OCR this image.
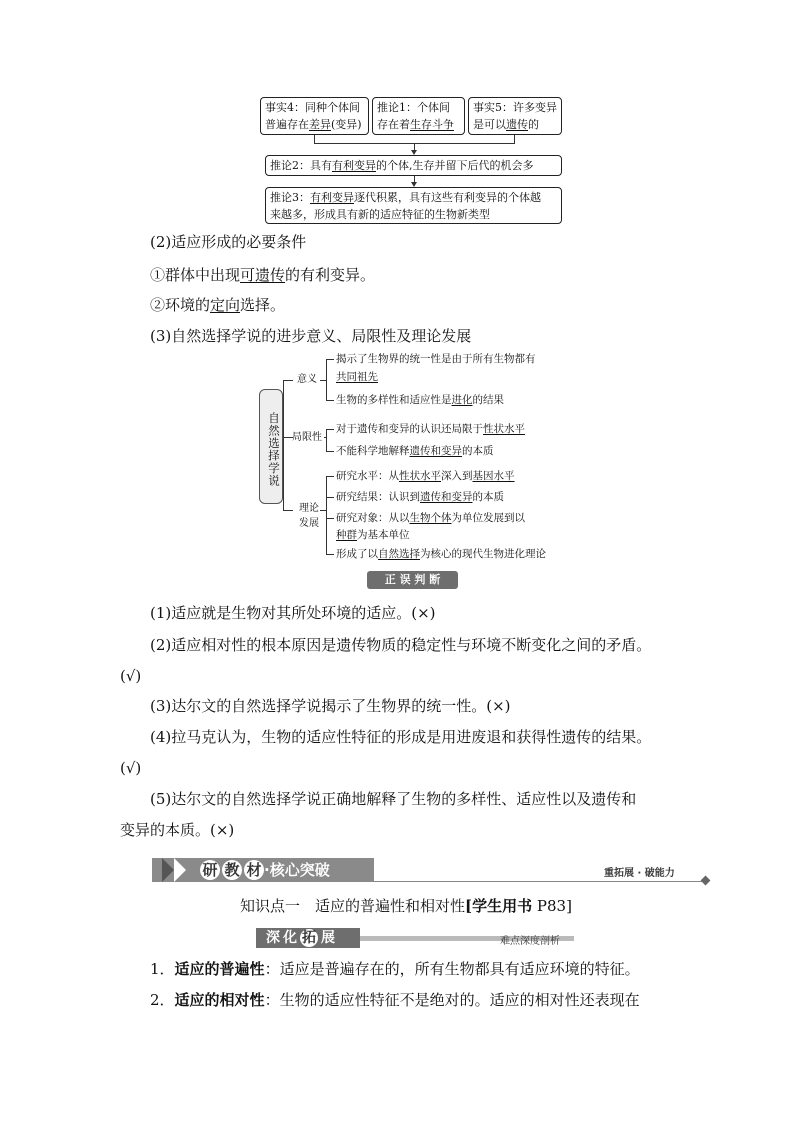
事实4：同种个体间
普遍存在差异(变异)
推论1：个体间
存在着生存斗争
事实5：许多变异
是可以遗传的
推论2：具有有利变异的个体,生存并留下后代的机会多
推论3：有利变异逐代积累，具有这些有利变异的个体越
来越多，形成具有新的适应特征的生物新类型
(2)适应形成的必要条件
①群体中出现可遗传的有利变异。
②环境的定向选择。
(3)自然选择学说的进步意义、局限性及理论发展
自然选择学说
意义
局限性
理论
发展
揭示了生物界的统一性是由于所有生物都有
共同祖先
生物的多样性和适应性是进化的结果
对于遗传和变异的认识还局限于性状水平
不能科学地解释遗传和变异的本质
研究水平：从性状水平深入到基因水平
研究结果：认识到遗传和变异的本质
研究对象：从以生物个体为单位发展到以
种群为基本单位
形成了以自然选择为核心的现代生物进化理论
正 误 判 断
(1)适应就是生物对其所处环境的适应。(×)
(2)适应相对性的根本原因是遗传物质的稳定性与环境不断变化之间的矛盾。
(√)
(3)达尔文的自然选择学说揭示了生物界的统一性。(×)
(4)拉马克认为，生物的适应性特征的形成是用进废退和获得性遗传的结果。
(√)
(5)达尔文的自然选择学说正确地解释了生物的多样性、适应性以及遗传和
变异的本质。(×)
研 教 材 ·核心突破	重拓展 · 破能力
知识点一　适应的普遍性和相对性[学生用书 P83]
深化 拓 展	难点深度剖析
1．适应的普遍性：适应是普遍存在的，所有生物都具有适应环境的特征。
2．适应的相对性：生物的适应性特征不是绝对的。适应的相对性还表现在
